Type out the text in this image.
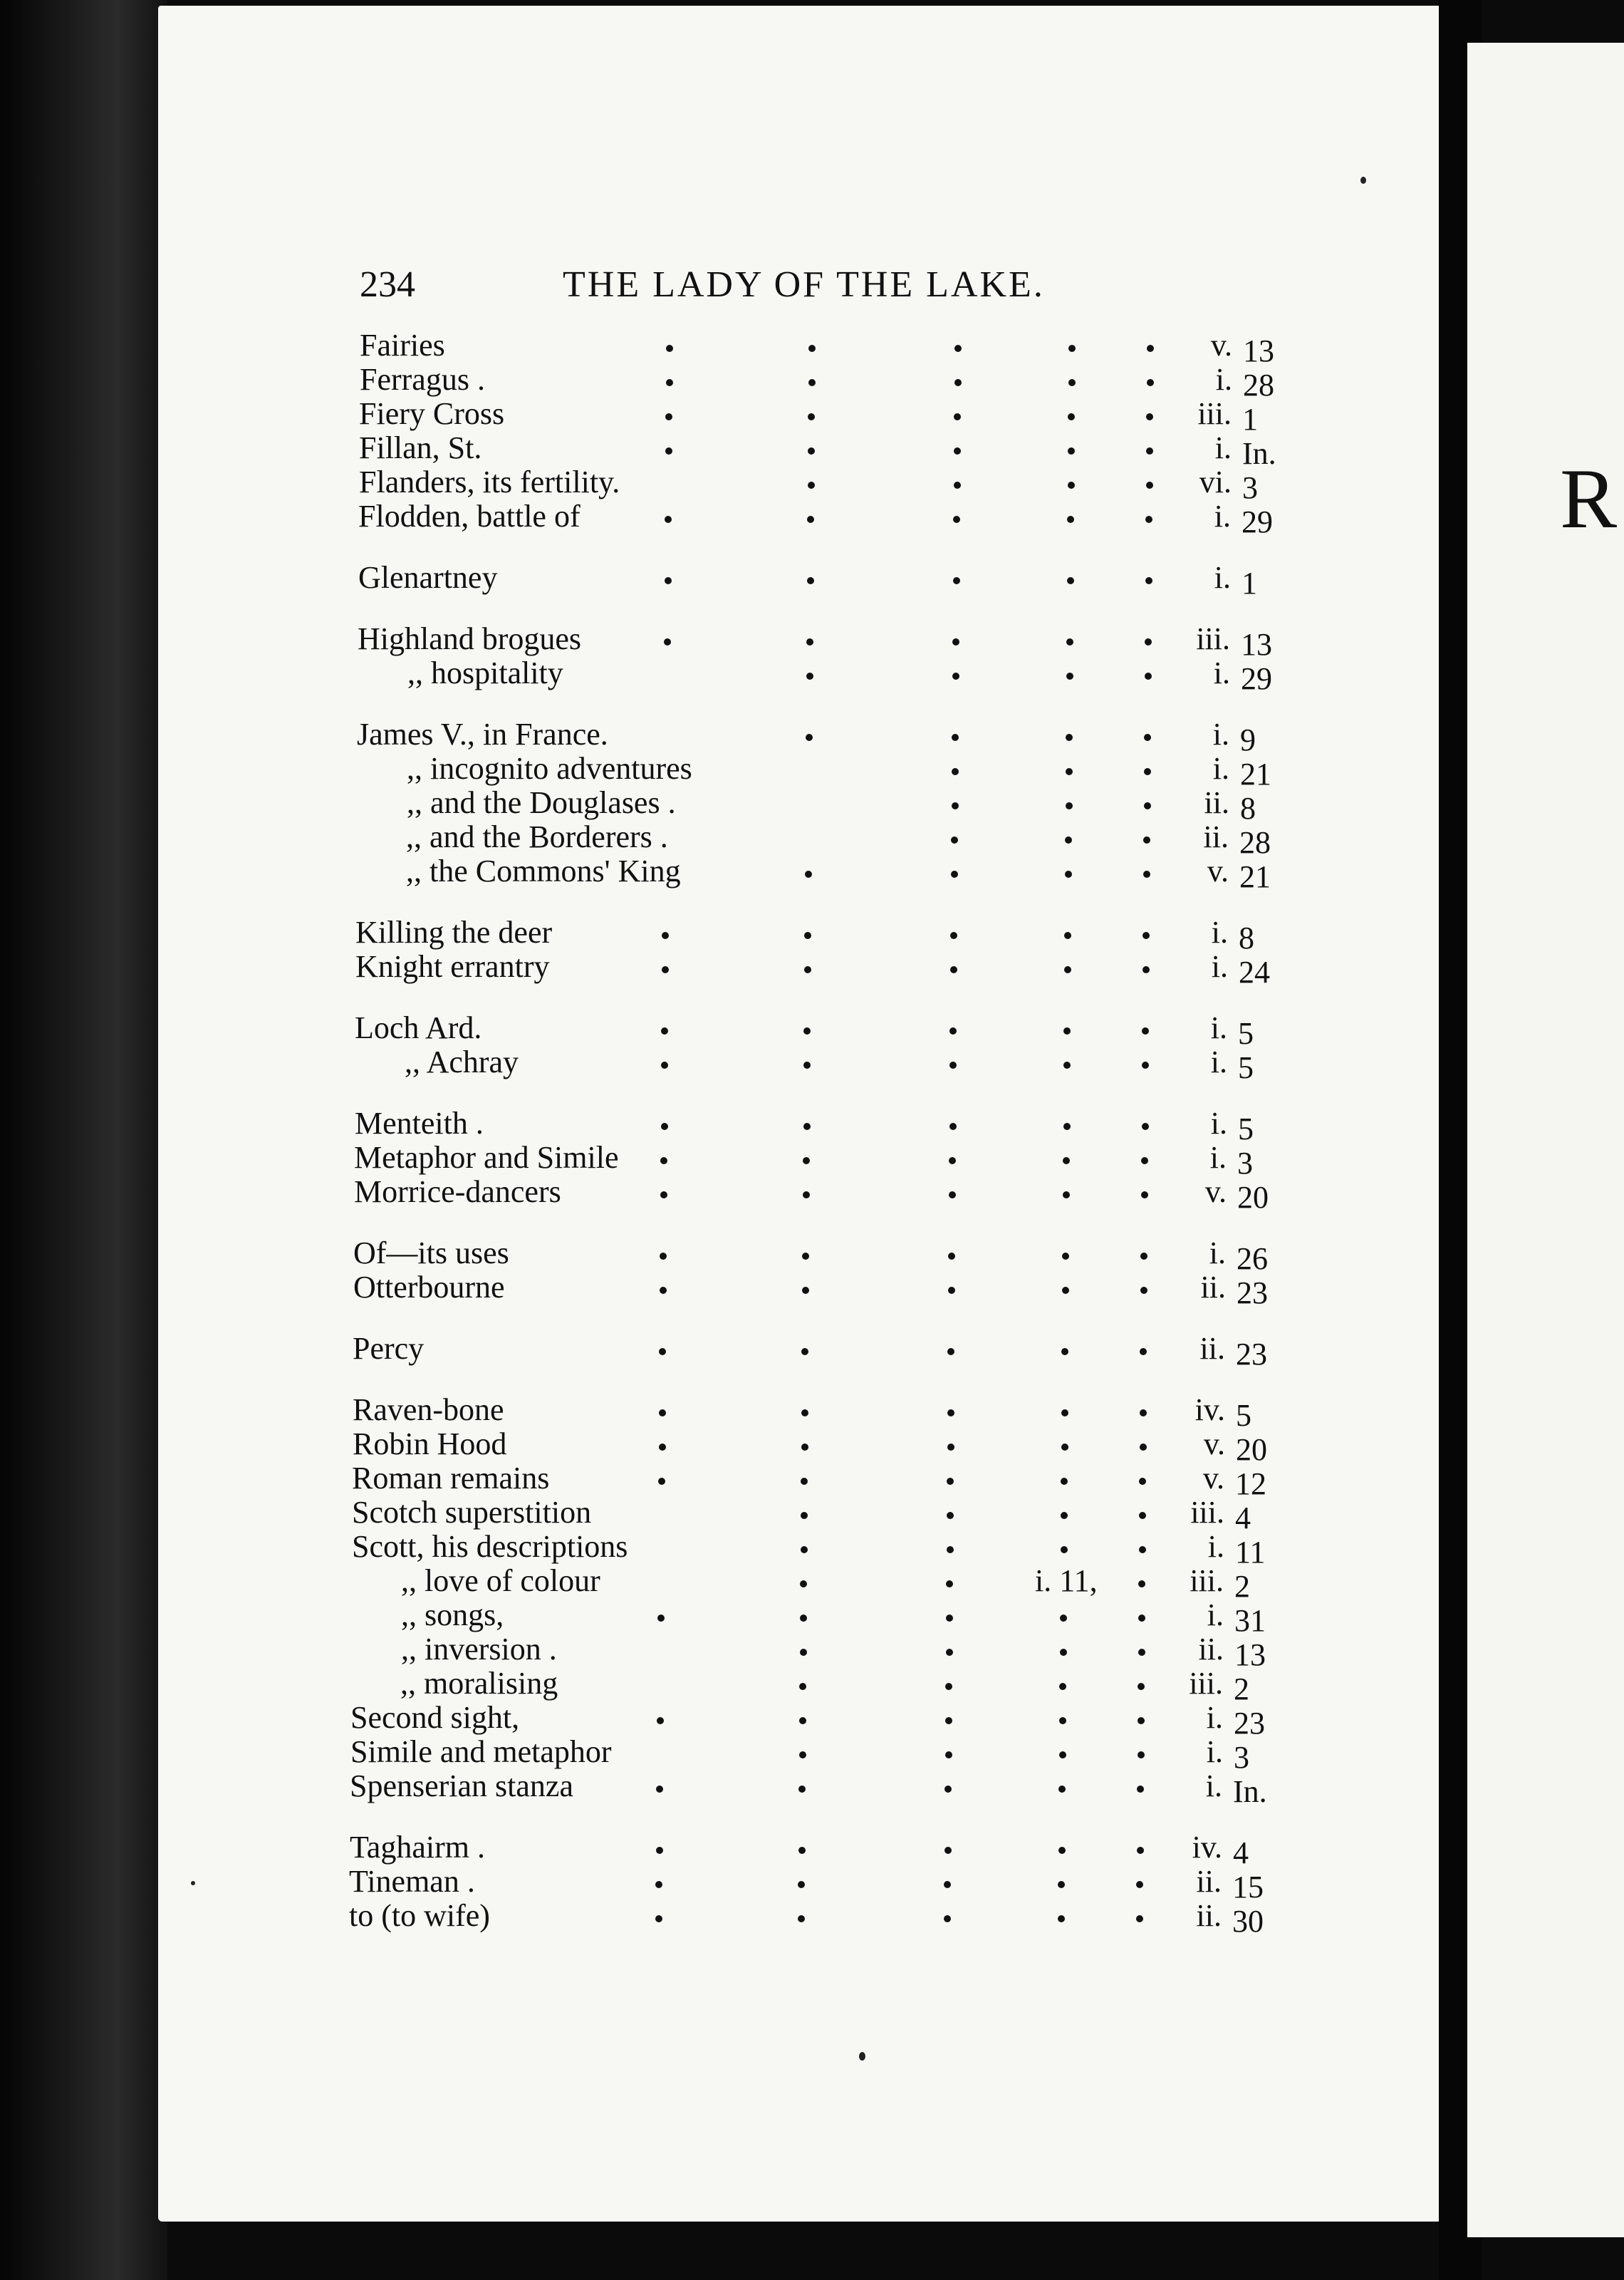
R
234	THE LADY OF THE LAKE.
Fairies	v. 13
Ferragus .	i. 28
Fiery Cross	iii. 1
Fillan, St.	i. In.
Flanders, its fertility.	vi. 3
Flodden, battle of	i. 29
Glenartney	i. 1
Highland brogues	iii. 13
,, hospitality	i. 29
James V., in France.	i. 9
,, incognito adventures	i. 21
,, and the Douglases .	ii. 8
,, and the Borderers .	ii. 28
,, the Commons' King	v. 21
Killing the deer	i. 8
Knight errantry	i. 24
Loch Ard.	i. 5
,, Achray	i. 5
Menteith .	i. 5
Metaphor and Simile	i. 3
Morrice-dancers	v. 20
Of—its uses	i. 26
Otterbourne	ii. 23
Percy	ii. 23
Raven-bone	iv. 5
Robin Hood	v. 20
Roman remains	v. 12
Scotch superstition	iii. 4
Scott, his descriptions	i. 11
,, love of colour	i. 11,	iii. 2
,, songs,	i. 31
,, inversion .	ii. 13
,, moralising	iii. 2
Second sight,	i. 23
Simile and metaphor	i. 3
Spenserian stanza	i. In.
Taghairm .	iv. 4
Tineman .	ii. 15
to (to wife)	ii. 30
